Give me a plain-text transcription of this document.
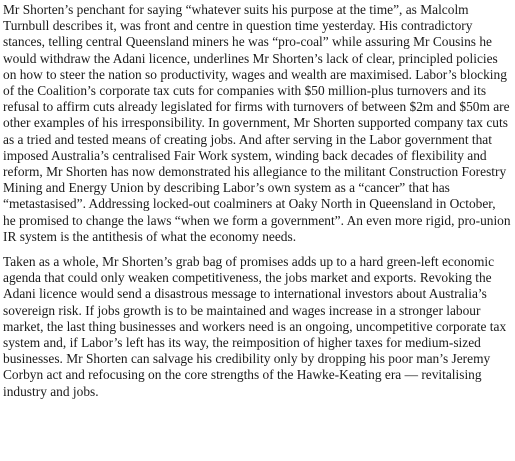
Mr Shorten’s penchant for saying “whatever suits his purpose at the time”, as Malcolm Turnbull describes it, was front and centre in question time yesterday. His contradictory stances, telling central Queensland miners he was “pro-coal” while assuring Mr Cousins he would withdraw the Adani licence, underlines Mr Shorten’s lack of clear, principled policies on how to steer the nation so productivity, wages and wealth are maximised. Labor’s blocking of the Coalition’s corporate tax cuts for companies with $50 million-plus turnovers and its refusal to affirm cuts already legislated for firms with turnovers of between $2m and $50m are other examples of his irresponsibility. In government, Mr Shorten supported company tax cuts as a tried and tested means of creating jobs. And after serving in the Labor government that imposed Australia’s centralised Fair Work system, winding back decades of flexibility and reform, Mr Shorten has now demonstrated his allegiance to the militant Construction Forestry Mining and Energy Union by describing Labor’s own system as a “cancer” that has “metastasised”. Addressing locked-out coalminers at Oaky North in Queensland in October, he promised to change the laws “when we form a government”. An even more rigid, pro-union IR system is the antithesis of what the economy needs.

Taken as a whole, Mr Shorten’s grab bag of promises adds up to a hard green-left economic agenda that could only weaken competitiveness, the jobs market and exports. Revoking the Adani licence would send a disastrous message to international investors about Australia’s sovereign risk. If jobs growth is to be maintained and wages increase in a stronger labour market, the last thing businesses and workers need is an ongoing, uncompetitive corporate tax system and, if Labor’s left has its way, the reimposition of higher taxes for medium-sized businesses. Mr Shorten can salvage his credibility only by dropping his poor man’s Jeremy Corbyn act and refocusing on the core strengths of the Hawke-Keating era — revitalising industry and jobs.
